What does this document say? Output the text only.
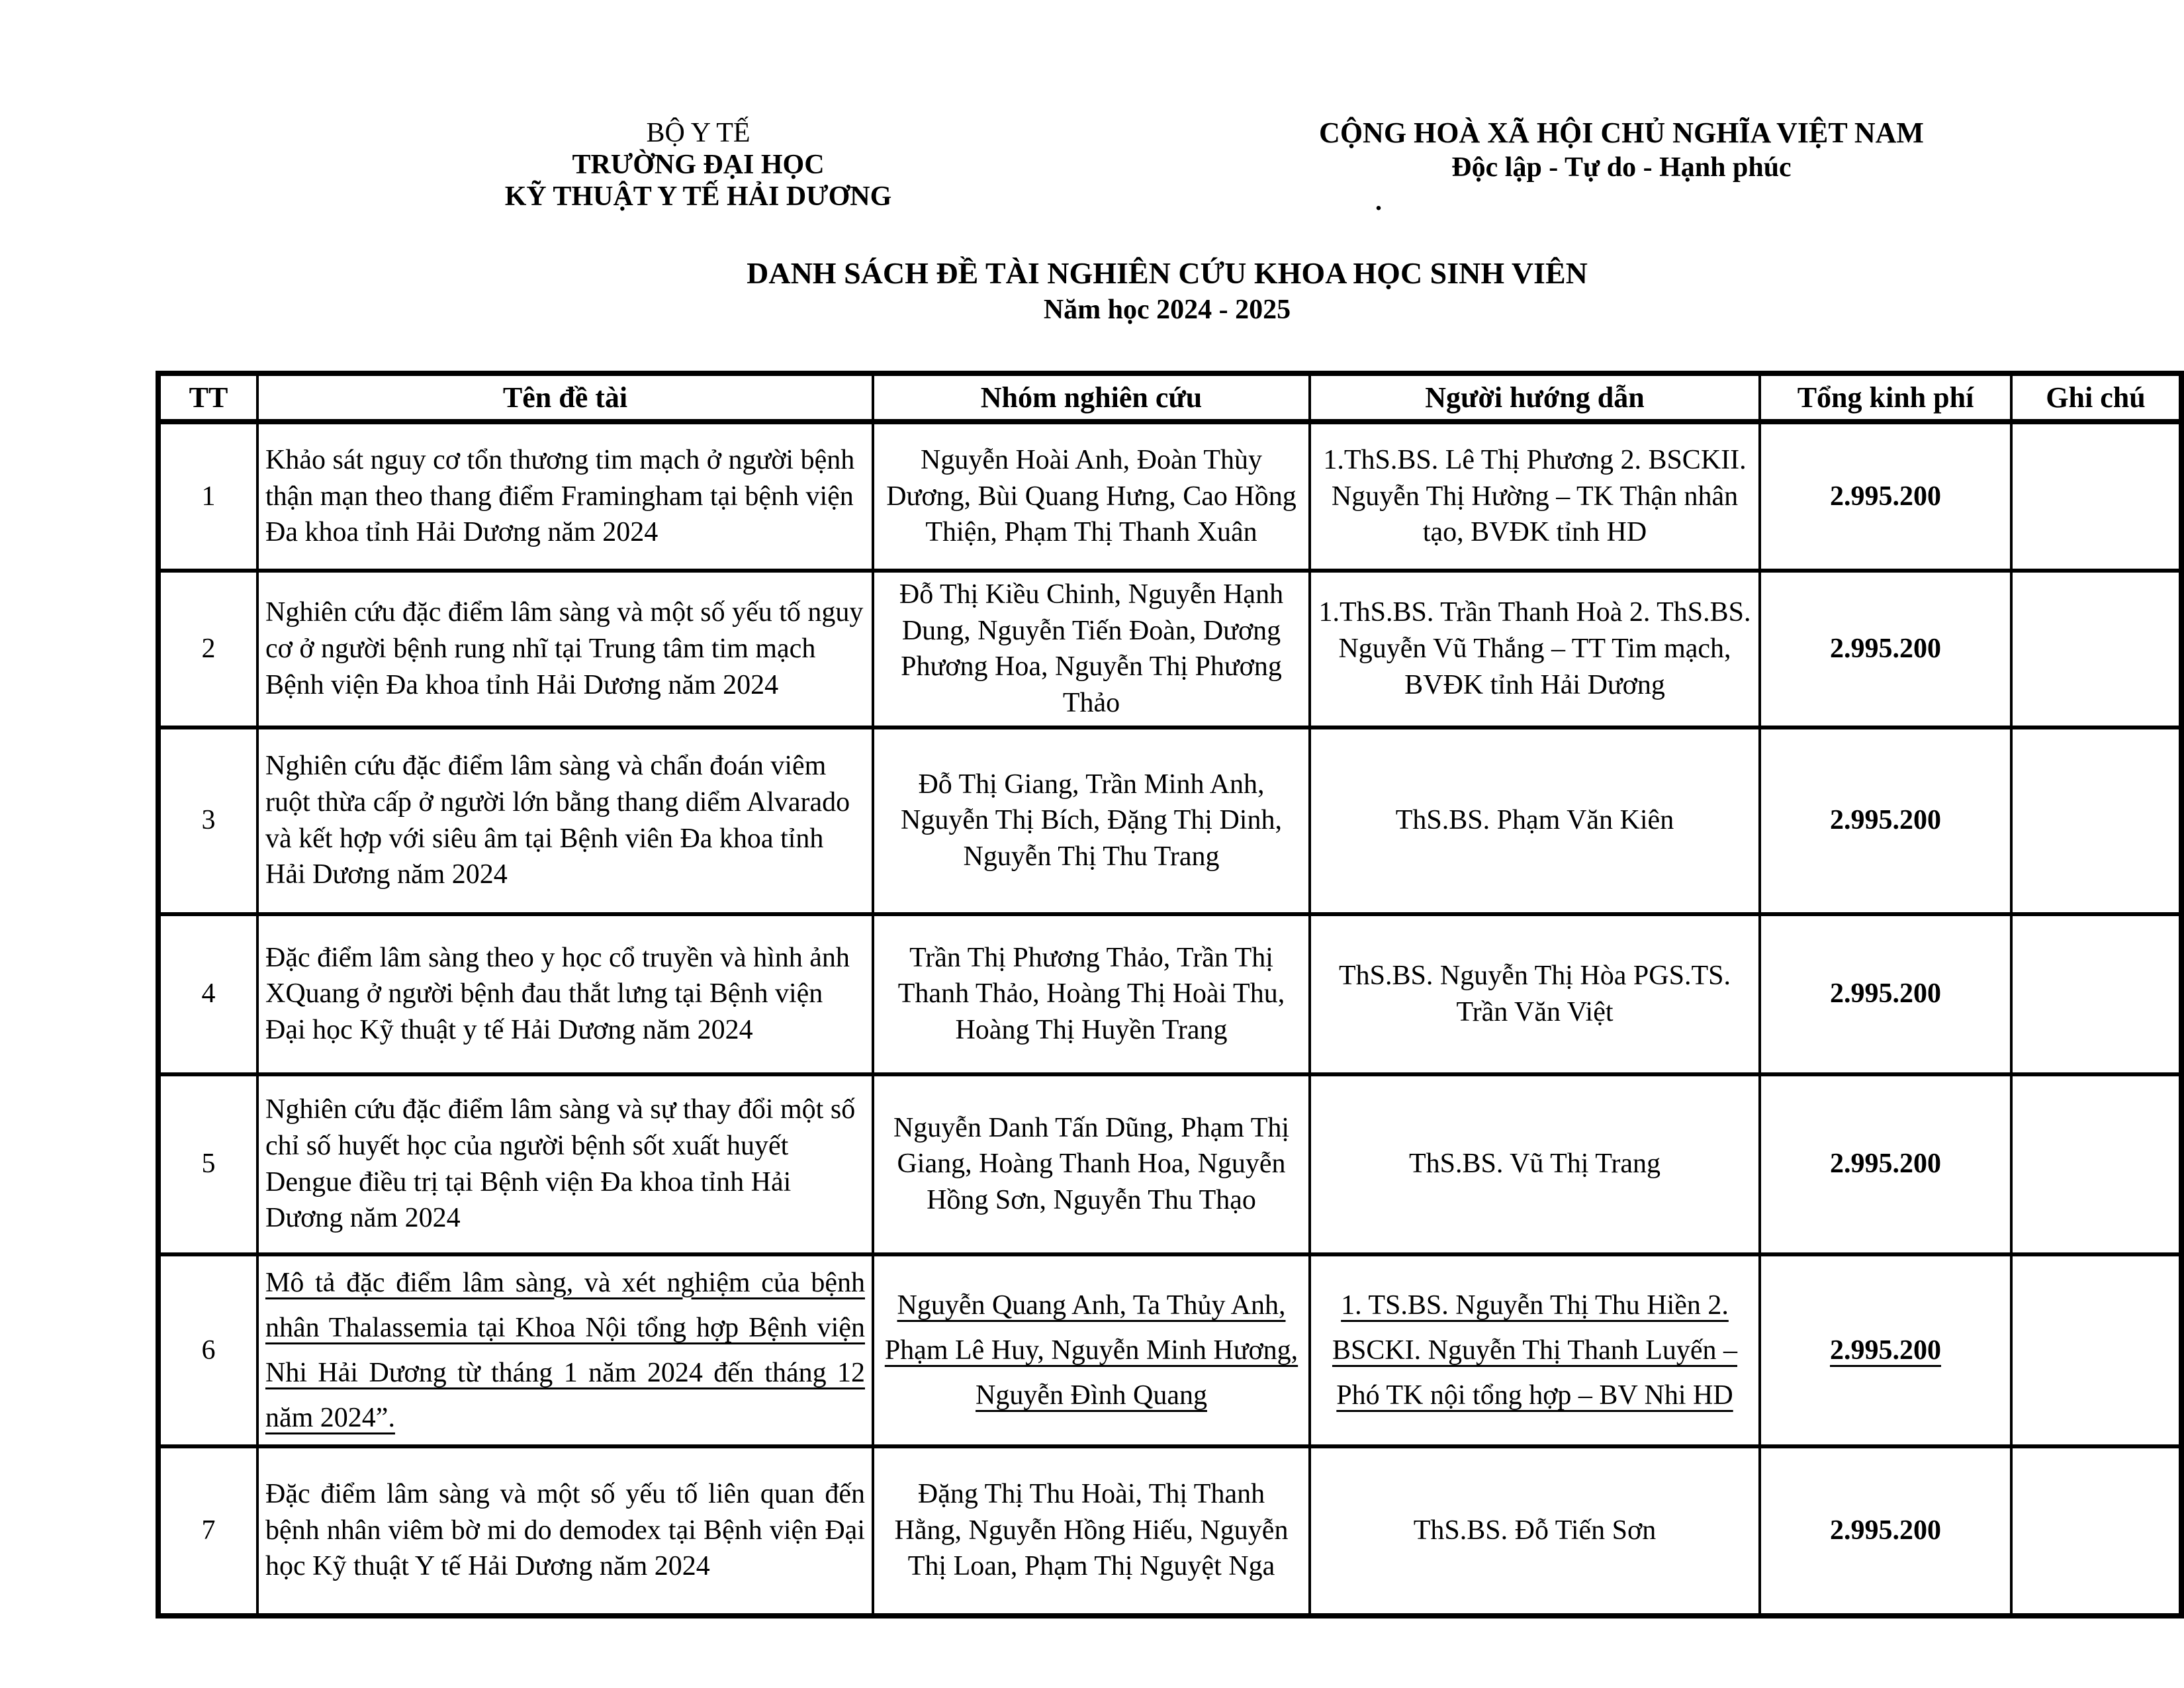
BỘ Y TẾ
TRƯỜNG ĐẠI HỌC
KỸ THUẬT Y TẾ HẢI DƯƠNG
CỘNG HOÀ XÃ HỘI CHỦ NGHĨA VIỆT NAM
Độc lập - Tự do - Hạnh phúc
.
DANH SÁCH ĐỀ TÀI NGHIÊN CỨU KHOA HỌC SINH VIÊN
Năm học 2024 - 2025
TT	Tên đề tài	Nhóm nghiên cứu	Người hướng dẫn	Tổng kinh phí	Ghi chú
1	Khảo sát nguy cơ tổn thương tim mạch ở người bệnh thận mạn theo thang điểm Framingham tại bệnh viện Đa khoa tỉnh Hải Dương năm 2024	Nguyễn Hoài Anh, Đoàn Thùy Dương, Bùi Quang Hưng, Cao Hồng Thiện, Phạm Thị Thanh Xuân	1.ThS.BS. Lê Thị Phương 2. BSCKII. Nguyễn Thị Hường – TK Thận nhân tạo, BVĐK tỉnh HD	2.995.200	
2	Nghiên cứu đặc điểm lâm sàng và một số yếu tố nguy cơ ở người bệnh rung nhĩ tại Trung tâm tim mạch Bệnh viện Đa khoa tỉnh Hải Dương năm 2024	Đỗ Thị Kiều Chinh, Nguyễn Hạnh Dung, Nguyễn Tiến Đoàn, Dương Phương Hoa, Nguyễn Thị Phương Thảo	1.ThS.BS. Trần Thanh Hoà 2. ThS.BS. Nguyễn Vũ Thắng – TT Tim mạch, BVĐK tỉnh Hải Dương	2.995.200	
3	Nghiên cứu đặc điểm lâm sàng và chẩn đoán viêm ruột thừa cấp ở người lớn bằng thang diểm Alvarado và kết hợp với siêu âm tại Bệnh viên Đa khoa tỉnh Hải Dương năm 2024	Đỗ Thị Giang, Trần Minh Anh, Nguyễn Thị Bích, Đặng Thị Dinh, Nguyễn Thị Thu Trang	ThS.BS. Phạm Văn Kiên	2.995.200	
4	Đặc điểm lâm sàng theo y học cổ truyền và hình ảnh XQuang ở người bệnh đau thắt lưng tại Bệnh viện Đại học Kỹ thuật y tế Hải Dương năm 2024	Trần Thị Phương Thảo, Trần Thị Thanh Thảo, Hoàng Thị Hoài Thu, Hoàng Thị Huyền Trang	ThS.BS. Nguyễn Thị Hòa PGS.TS. Trần Văn Việt	2.995.200	
5	Nghiên cứu đặc điểm lâm sàng và sự thay đổi một số chỉ số huyết học của người bệnh sốt xuất huyết Dengue điều trị tại Bệnh viện Đa khoa tỉnh Hải Dương năm 2024	Nguyễn Danh Tấn Dũng, Phạm Thị Giang, Hoàng Thanh Hoa, Nguyễn Hồng Sơn, Nguyễn Thu Thạo	ThS.BS. Vũ Thị Trang	2.995.200	
6	Mô tả đặc điểm lâm sàng, và xét nghiệm của bệnh nhân Thalassemia tại Khoa Nội tổng hợp Bệnh viện Nhi Hải Dương từ tháng 1 năm 2024 đến tháng 12 năm 2024”.	Nguyễn Quang Anh, Ta Thủy Anh, Phạm Lê Huy, Nguyễn Minh Hương, Nguyễn Đình Quang	1. TS.BS. Nguyễn Thị Thu Hiền 2. BSCKI. Nguyễn Thị Thanh Luyến – Phó TK nội tổng hợp – BV Nhi HD	2.995.200	
7	Đặc điểm lâm sàng và một số yếu tố liên quan đến bệnh nhân viêm bờ mi do demodex tại Bệnh viện Đại học Kỹ thuật Y tế Hải Dương năm 2024	Đặng Thị Thu Hoài, Thị Thanh Hằng, Nguyễn Hồng Hiếu, Nguyễn Thị Loan, Phạm Thị Nguyệt Nga	ThS.BS. Đỗ Tiến Sơn	2.995.200	
